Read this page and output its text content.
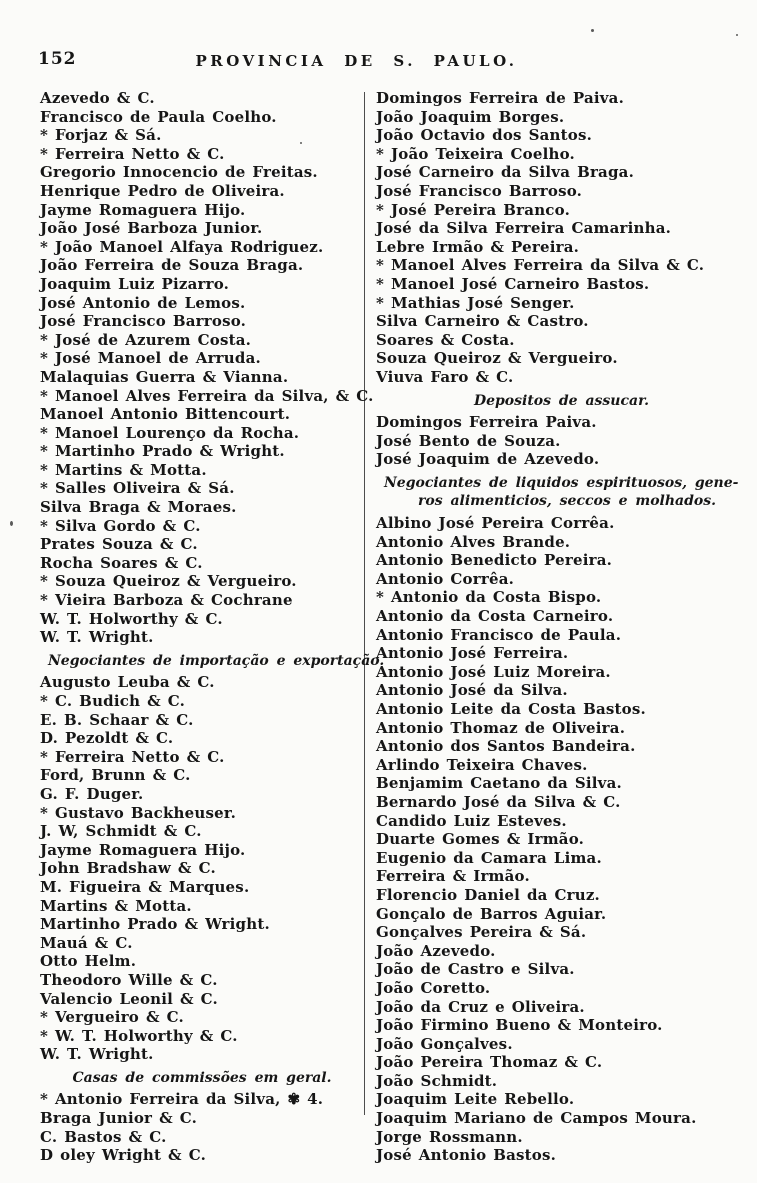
152	PROVINCIA DE S. PAULO.
Azevedo & C.
Francisco de Paula Coelho.
* Forjaz & Sá.
* Ferreira Netto & C.
Gregorio Innocencio de Freitas.
Henrique Pedro de Oliveira.
Jayme Romaguera Hijo.
João José Barboza Junior.
* João Manoel Alfaya Rodriguez.
João Ferreira de Souza Braga.
Joaquim Luiz Pizarro.
José Antonio de Lemos.
José Francisco Barroso.
* José de Azurem Costa.
* José Manoel de Arruda.
Malaquias Guerra & Vianna.
* Manoel Alves Ferreira da Silva, & C.
Manoel Antonio Bittencourt.
* Manoel Lourenço da Rocha.
* Martinho Prado & Wright.
* Martins & Motta.
* Salles Oliveira & Sá.
Silva Braga & Moraes.
* Silva Gordo & C.
Prates Souza & C.
Rocha Soares & C.
* Souza Queiroz & Vergueiro.
* Vieira Barboza & Cochrane
W. T. Holworthy & C.
W. T. Wright.
Negociantes de importação e exportação.
Augusto Leuba & C.
* C. Budich & C.
E. B. Schaar & C.
D. Pezoldt & C.
* Ferreira Netto & C.
Ford, Brunn & C.
G. F. Duger.
* Gustavo Backheuser.
J. W, Schmidt & C.
Jayme Romaguera Hijo.
John Bradshaw & C.
M. Figueira & Marques.
Martins & Motta.
Martinho Prado & Wright.
Mauá & C.
Otto Helm.
Theodoro Wille & C.
Valencio Leonil & C.
* Vergueiro & C.
* W. T. Holworthy & C.
W. T. Wright.
Casas de commissões em geral.
* Antonio Ferreira da Silva, ✾ 4.
Braga Junior & C.
C. Bastos & C.
D oley Wright & C.
Domingos Ferreira de Paiva.
João Joaquim Borges.
João Octavio dos Santos.
* João Teixeira Coelho.
José Carneiro da Silva Braga.
José Francisco Barroso.
* José Pereira Branco.
José da Silva Ferreira Camarinha.
Lebre Irmão & Pereira.
* Manoel Alves Ferreira da Silva & C.
* Manoel José Carneiro Bastos.
* Mathias José Senger.
Silva Carneiro & Castro.
Soares & Costa.
Souza Queiroz & Vergueiro.
Viuva Faro & C.
Depositos de assucar.
Domingos Ferreira Paiva.
José Bento de Souza.
José Joaquim de Azevedo.
Negociantes de liquidos espirituosos, gene-
ros alimenticios, seccos e molhados.
Albino José Pereira Corrêa.
Antonio Alves Brande.
Antonio Benedicto Pereira.
Antonio Corrêa.
* Antonio da Costa Bispo.
Antonio da Costa Carneiro.
Antonio Francisco de Paula.
Antonio José Ferreira.
Antonio José Luiz Moreira.
Antonio José da Silva.
Antonio Leite da Costa Bastos.
Antonio Thomaz de Oliveira.
Antonio dos Santos Bandeira.
Arlindo Teixeira Chaves.
Benjamim Caetano da Silva.
Bernardo José da Silva & C.
Candido Luiz Esteves.
Duarte Gomes & Irmão.
Eugenio da Camara Lima.
Ferreira & Irmão.
Florencio Daniel da Cruz.
Gonçalo de Barros Aguiar.
Gonçalves Pereira & Sá.
João Azevedo.
João de Castro e Silva.
João Coretto.
João da Cruz e Oliveira.
João Firmino Bueno & Monteiro.
João Gonçalves.
João Pereira Thomaz & C.
João Schmidt.
Joaquim Leite Rebello.
Joaquim Mariano de Campos Moura.
Jorge Rossmann.
José Antonio Bastos.
